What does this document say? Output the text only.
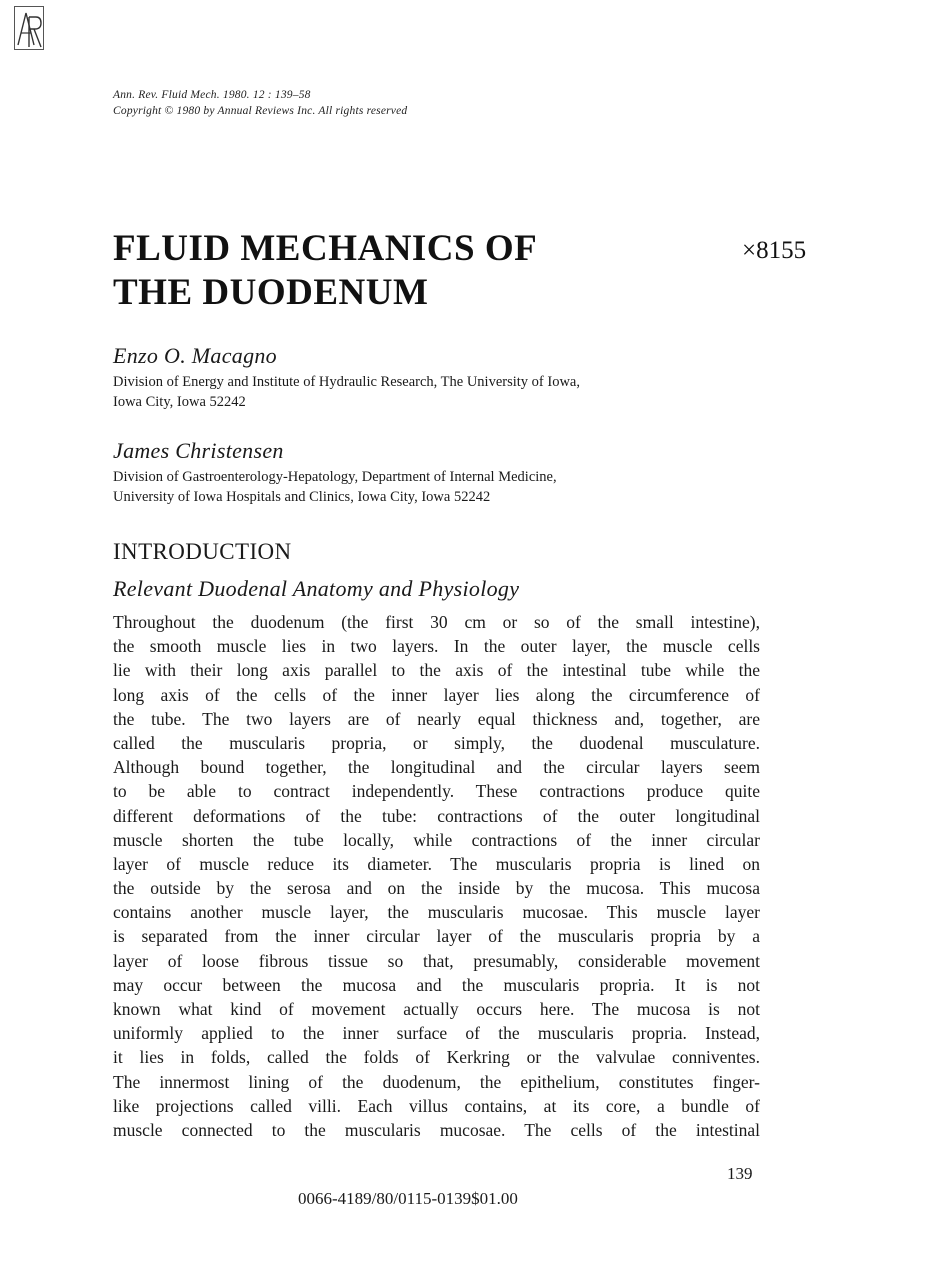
Ann. Rev. Fluid Mech. 1980. 12 : 139–58
Copyright © 1980 by Annual Reviews Inc. All rights reserved
FLUID MECHANICS OF
THE DUODENUM
×8155
Enzo O. Macagno
Division of Energy and Institute of Hydraulic Research, The University of Iowa,
Iowa City, Iowa 52242
James Christensen
Division of Gastroenterology-Hepatology, Department of Internal Medicine,
University of Iowa Hospitals and Clinics, Iowa City, Iowa 52242
INTRODUCTION
Relevant Duodenal Anatomy and Physiology
Throughout the duodenum (the first 30 cm or so of the small intestine),
the smooth muscle lies in two layers. In the outer layer, the muscle cells
lie with their long axis parallel to the axis of the intestinal tube while the
long axis of the cells of the inner layer lies along the circumference of
the tube. The two layers are of nearly equal thickness and, together, are
called the muscularis propria, or simply, the duodenal musculature.
Although bound together, the longitudinal and the circular layers seem
to be able to contract independently. These contractions produce quite
different deformations of the tube: contractions of the outer longitudinal
muscle shorten the tube locally, while contractions of the inner circular
layer of muscle reduce its diameter. The muscularis propria is lined on
the outside by the serosa and on the inside by the mucosa. This mucosa
contains another muscle layer, the muscularis mucosae. This muscle layer
is separated from the inner circular layer of the muscularis propria by a
layer of loose fibrous tissue so that, presumably, considerable movement
may occur between the mucosa and the muscularis propria. It is not
known what kind of movement actually occurs here. The mucosa is not
uniformly applied to the inner surface of the muscularis propria. Instead,
it lies in folds, called the folds of Kerkring or the valvulae conniventes.
The innermost lining of the duodenum, the epithelium, constitutes finger-
like projections called villi. Each villus contains, at its core, a bundle of
muscle connected to the muscularis mucosae. The cells of the intestinal
139
0066-4189/80/0115-0139$01.00
